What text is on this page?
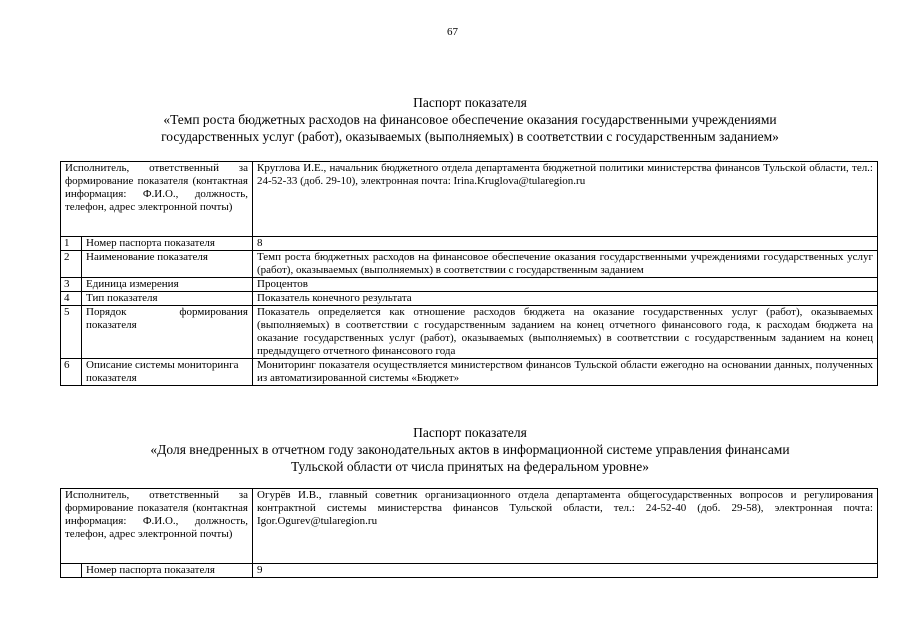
67
Паспорт показателя
«Темп роста бюджетных расходов на финансовое обеспечение оказания государственными учреждениями
государственных услуг (работ), оказываемых (выполняемых) в соответствии с государственным заданием»
Исполнитель, ответственный за формирование показателя (контактная информация: Ф.И.О., должность, телефон, адрес электронной почты)		Круглова И.Е., начальник бюджетного отдела департамента бюджетной политики министерства финансов Тульской области, тел.: 24-52-33 (доб. 29-10), электронная почта: Irina.Kruglova@tularegion.ru
1	Номер паспорта показателя	8
2	Наименование показателя	Темп роста бюджетных расходов на финансовое обеспечение оказания государственными учреждениями государственных услуг (работ), оказываемых (выполняемых) в соответствии с государственным заданием
3	Единица измерения	Процентов
4	Тип показателя	Показатель конечного результата
5	Порядок формирования показателя	Показатель определяется как отношение расходов бюджета на оказание государственных услуг (работ), оказываемых (выполняемых) в соответствии с государственным заданием на конец отчетного финансового года, к расходам бюджета на оказание государственных услуг (работ), оказываемых (выполняемых) в соответствии с государственным заданием на конец предыдущего отчетного финансового года
6	Описание системы мониторинга показателя	Мониторинг показателя осуществляется министерством финансов Тульской области ежегодно на основании данных, полученных из автоматизированной системы «Бюджет»
Паспорт показателя
«Доля внедренных в отчетном году законодательных актов в информационной системе управления финансами
Тульской области от числа принятых на федеральном уровне»
Исполнитель, ответственный за формирование показателя (контактная информация: Ф.И.О., должность, телефон, адрес электронной почты)		Огурёв И.В., главный советник организационного отдела департамента общегосударственных вопросов и регулирования контрактной системы министерства финансов Тульской области, тел.: 24-52-40 (доб. 29-58), электронная почта: Igor.Ogurev@tularegion.ru
	Номер паспорта показателя	9
